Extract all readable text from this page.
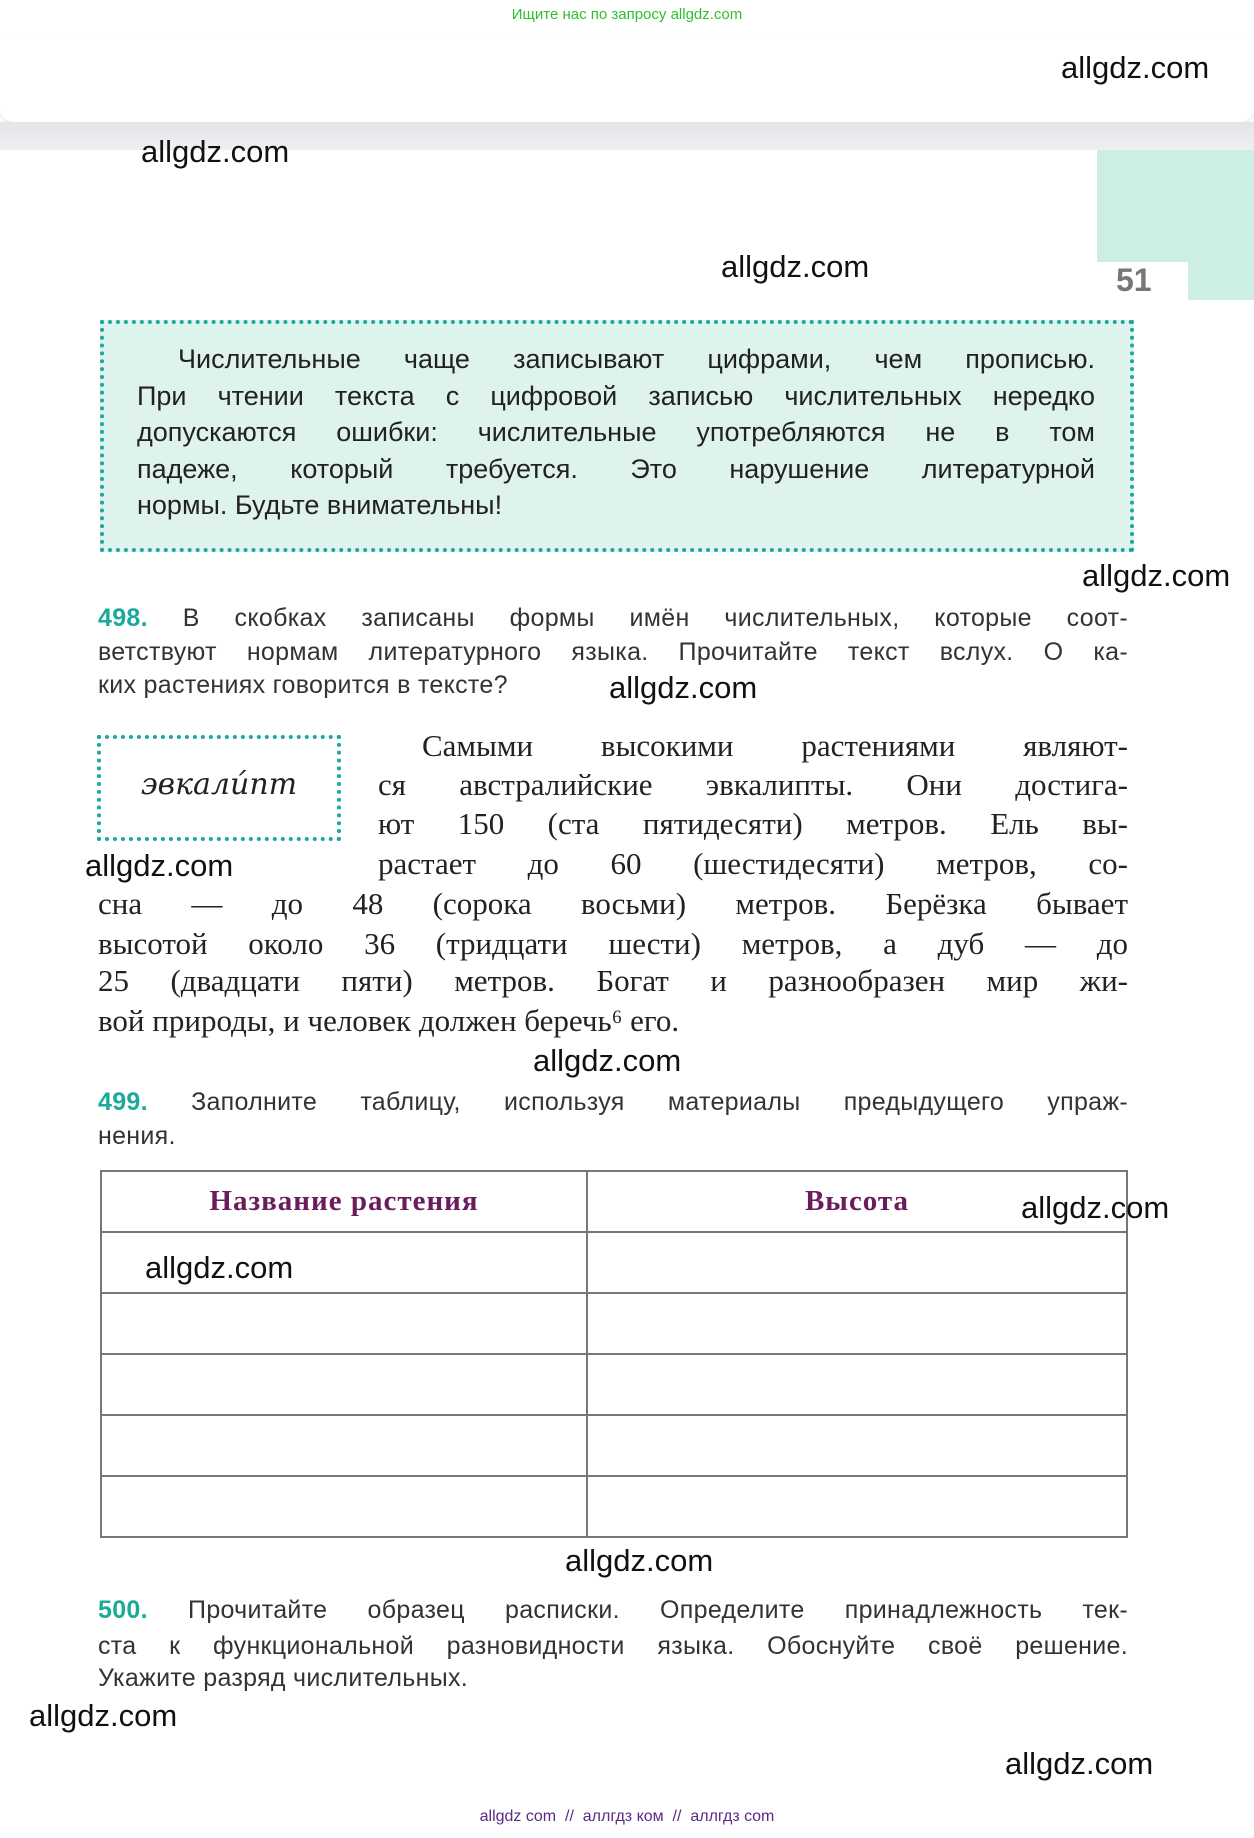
Ищите нас по запросу allgdz.com
51
Числительные чаще записывают цифрами, чем прописью.
При чтении текста с цифровой записью числительных нередко
допускаются ошибки: числительные употребляются не в том
падеже, который требуется. Это нарушение литературной
нормы. Будьте внимательны!
498. В скобках записаны формы имён числительных, которые соот-
ветствуют нормам литературного языка. Прочитайте текст вслух. О ка-
ких растениях говорится в тексте?
эвкали́пт
Самыми высокими растениями являют-
ся австралийские эвкалипты. Они достига-
ют 150 (ста пятидесяти) метров. Ель вы-
растает до 60 (шестидесяти) метров, со-
сна — до 48 (сорока восьми) метров. Берёзка бывает
высотой около 36 (тридцати шести) метров, а дуб — до
25 (двадцати пяти) метров. Богат и разнообразен мир жи-
вой природы, и человек должен беречь⁶ его.
499. Заполните таблицу, используя материалы предыдущего упраж-
нения.
Название растения	Высота

500. Прочитайте образец расписки. Определите принадлежность тек-
ста к функциональной разновидности языка. Обоснуйте своё решение.
Укажите разряд числительных.
allgdz.com
allgdz.com
allgdz.com
allgdz.com
allgdz.com
allgdz.com
allgdz.com
allgdz.com
allgdz.com
allgdz.com
allgdz.com
allgdz.com
allgdz com  //  аллгдз ком  //  аллгдз com
